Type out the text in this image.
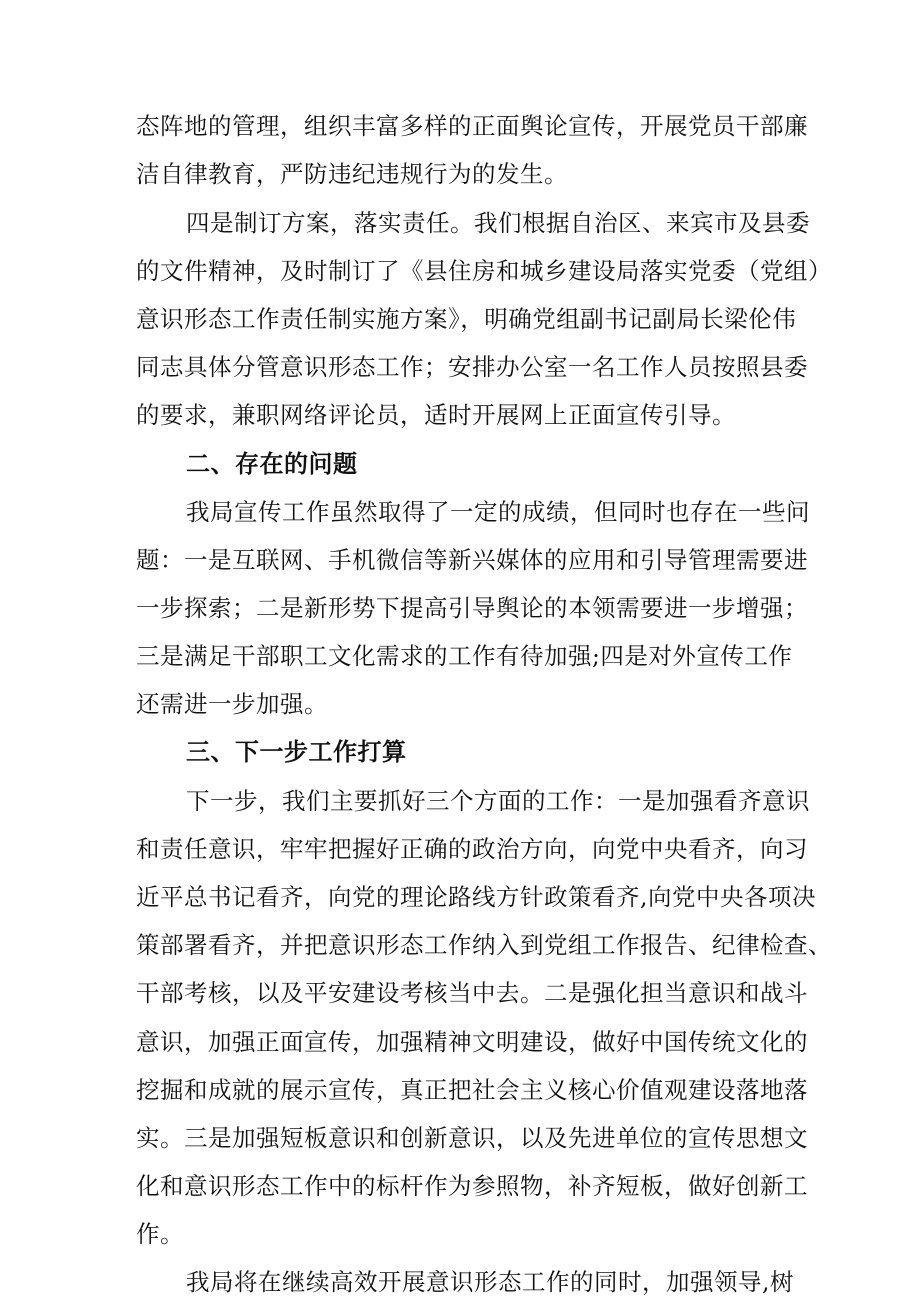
态阵地的管理，组织丰富多样的正面舆论宣传，开展党员干部廉
洁自律教育，严防违纪违规行为的发生。
四是制订方案，落实责任。我们根据自治区、来宾市及县委
的文件精神，及时制订了《县住房和城乡建设局落实党委（党组）
意识形态工作责任制实施方案》，明确党组副书记副局长梁伦伟
同志具体分管意识形态工作；安排办公室一名工作人员按照县委
的要求，兼职网络评论员，适时开展网上正面宣传引导。
二、存在的问题
我局宣传工作虽然取得了一定的成绩，但同时也存在一些问
题：一是互联网、手机微信等新兴媒体的应用和引导管理需要进
一步探索；二是新形势下提高引导舆论的本领需要进一步增强；
三是满足干部职工文化需求的工作有待加强;四是对外宣传工作
还需进一步加强。
三、下一步工作打算
下一步，我们主要抓好三个方面的工作：一是加强看齐意识
和责任意识，牢牢把握好正确的政治方向，向党中央看齐，向习
近平总书记看齐，向党的理论路线方针政策看齐,向党中央各项决
策部署看齐，并把意识形态工作纳入到党组工作报告、纪律检查、
干部考核，以及平安建设考核当中去。二是强化担当意识和战斗
意识，加强正面宣传，加强精神文明建设，做好中国传统文化的
挖掘和成就的展示宣传，真正把社会主义核心价值观建设落地落
实。三是加强短板意识和创新意识，以及先进单位的宣传思想文
化和意识形态工作中的标杆作为参照物，补齐短板，做好创新工
作。
我局将在继续高效开展意识形态工作的同时，加强领导,树
